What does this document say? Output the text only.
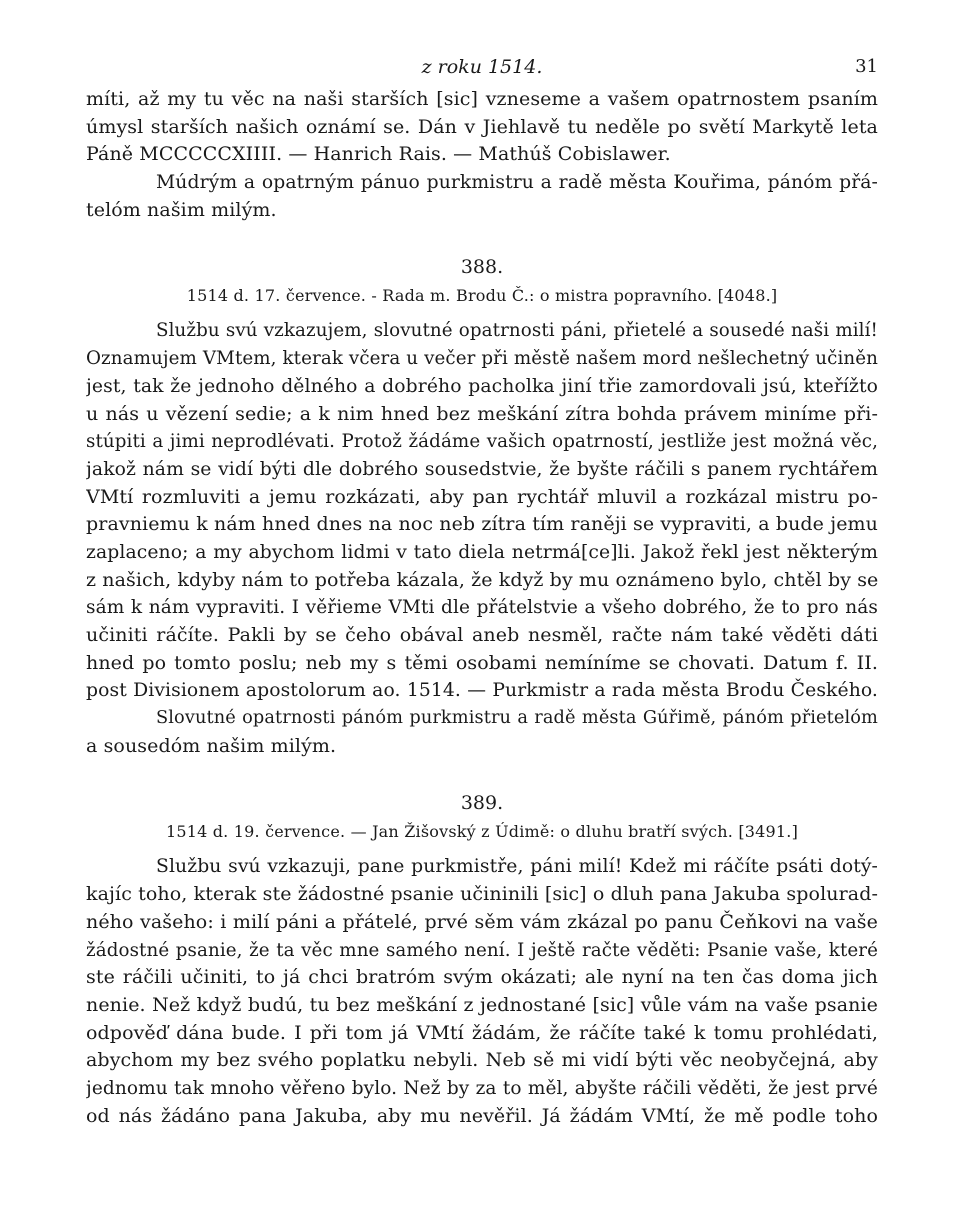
z roku 1514.	31
míti, až my tu věc na naši starších [sic] vzneseme a vašem opatrnostem psaním
úmysl starších našich oznámí se. Dán v Jiehlavě tu neděle po světí Markytě leta
Páně MCCCCCXIIII. — Hanrich Rais. — Mathúš Cobislawer.
Múdrým a opatrným pánuo purkmistru a radě města Kouřima, pánóm přá-
telóm našim milým.
388.
1514 d. 17. července. - Rada m. Brodu Č.: o mistra popravního. [4048.]
Službu svú vzkazujem, slovutné opatrnosti páni, přietelé a sousedé naši milí!
Oznamujem VMtem, kterak včera u večer při městě našem mord nešlechetný učiněn
jest, tak že jednoho dělného a dobrého pacholka jiní třie zamordovali jsú, kteřížto
u nás u vězení sedie; a k nim hned bez meškání zítra bohda právem miníme při-
stúpiti a jimi neprodlévati. Protož žádáme vašich opatrností, jestliže jest možná věc,
jakož nám se vidí býti dle dobrého sousedstvie, že byšte ráčili s panem rychtářem
VMtí rozmluviti a jemu rozkázati, aby pan rychtář mluvil a rozkázal mistru po-
pravniemu k nám hned dnes na noc neb zítra tím raněji se vypraviti, a bude jemu
zaplaceno; a my abychom lidmi v tato diela netrmá[ce]li. Jakož řekl jest některým
z našich, kdyby nám to potřeba kázala, že když by mu oznámeno bylo, chtěl by se
sám k nám vypraviti. I věřieme VMti dle přátelstvie a všeho dobrého, že to pro nás
učiniti ráčíte. Pakli by se čeho obával aneb nesměl, račte nám také věděti dáti
hned po tomto poslu; neb my s těmi osobami nemíníme se chovati. Datum f. II.
post Divisionem apostolorum ao. 1514. — Purkmistr a rada města Brodu Českého.
Slovutné opatrnosti pánóm purkmistru a radě města Gúřimě, pánóm přietelóm
a sousedóm našim milým.
389.
1514 d. 19. července. — Jan Žišovský z Údimě: o dluhu bratří svých. [3491.]
Službu svú vzkazuji, pane purkmistře, páni milí! Kdež mi ráčíte psáti dotý-
kajíc toho, kterak ste žádostné psanie učininili [sic] o dluh pana Jakuba spolurad-
ného vašeho: i milí páni a přátelé, prvé sěm vám zkázal po panu Čeňkovi na vaše
žádostné psanie, že ta věc mne samého není. I ještě račte věděti: Psanie vaše, které
ste ráčili učiniti, to já chci bratróm svým okázati; ale nyní na ten čas doma jich
nenie. Než když budú, tu bez meškání z jednostané [sic] vůle vám na vaše psanie
odpověď dána bude. I při tom já VMtí žádám, že ráčíte také k tomu prohlédati,
abychom my bez svého poplatku nebyli. Neb sě mi vidí býti věc neobyčejná, aby
jednomu tak mnoho věřeno bylo. Než by za to měl, abyšte ráčili věděti, že jest prvé
od nás žádáno pana Jakuba, aby mu nevěřil. Já žádám VMtí, že mě podle toho
